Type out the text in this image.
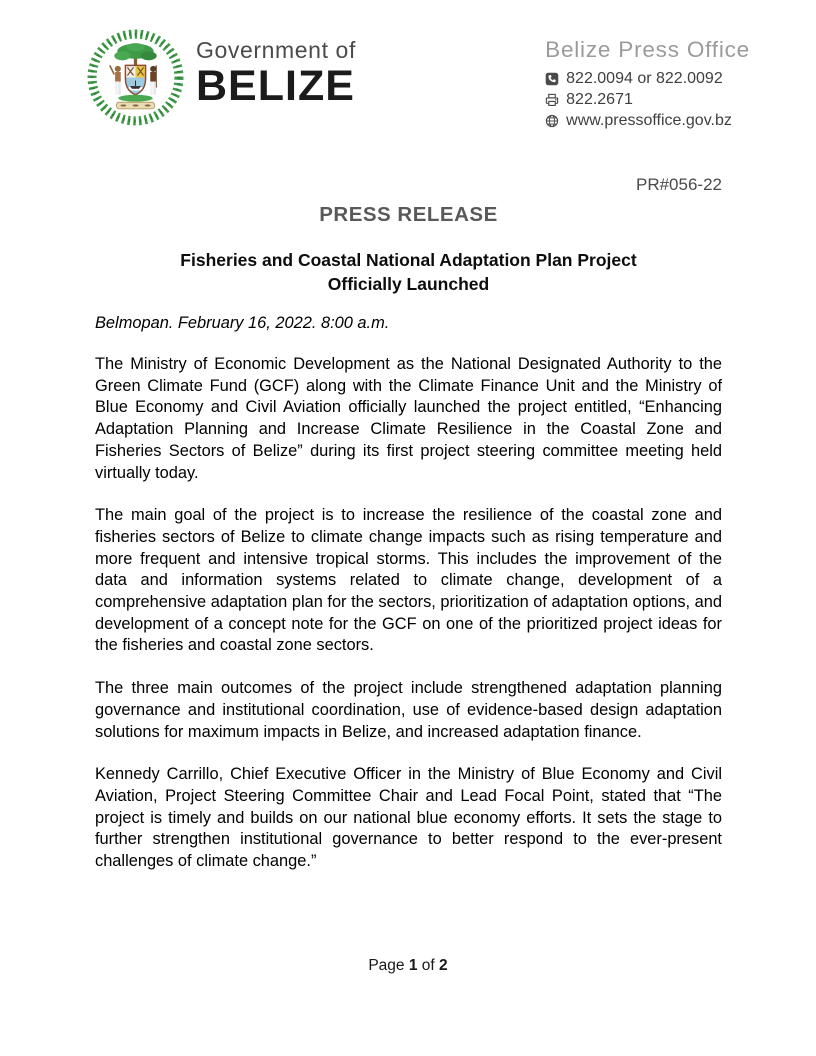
Government of
BELIZE
Belize Press Office
822.0094 or 822.0092
822.2671
www.pressoffice.gov.bz
PR#056-22
PRESS RELEASE
Fisheries and Coastal National Adaptation Plan Project
Officially Launched
Belmopan. February 16, 2022. 8:00 a.m.

The Ministry of Economic Development as the National Designated Authority to the Green Climate Fund (GCF) along with the Climate Finance Unit and the Ministry of Blue Economy and Civil Aviation officially launched the project entitled, “Enhancing Adaptation Planning and Increase Climate Resilience in the Coastal Zone and Fisheries Sectors of Belize” during its first project steering committee meeting held virtually today.

The main goal of the project is to increase the resilience of the coastal zone and fisheries sectors of Belize to climate change impacts such as rising temperature and more frequent and intensive tropical storms. This includes the improvement of the data and information systems related to climate change, development of a comprehensive adaptation plan for the sectors, prioritization of adaptation options, and development of a concept note for the GCF on one of the prioritized project ideas for the fisheries and coastal zone sectors.

The three main outcomes of the project include strengthened adaptation planning governance and institutional coordination, use of evidence-based design adaptation solutions for maximum impacts in Belize, and increased adaptation finance.

Kennedy Carrillo, Chief Executive Officer in the Ministry of Blue Economy and Civil Aviation, Project Steering Committee Chair and Lead Focal Point, stated that “The project is timely and builds on our national blue economy efforts. It sets the stage to further strengthen institutional governance to better respond to the ever-present challenges of climate change.”

Page 1 of 2
